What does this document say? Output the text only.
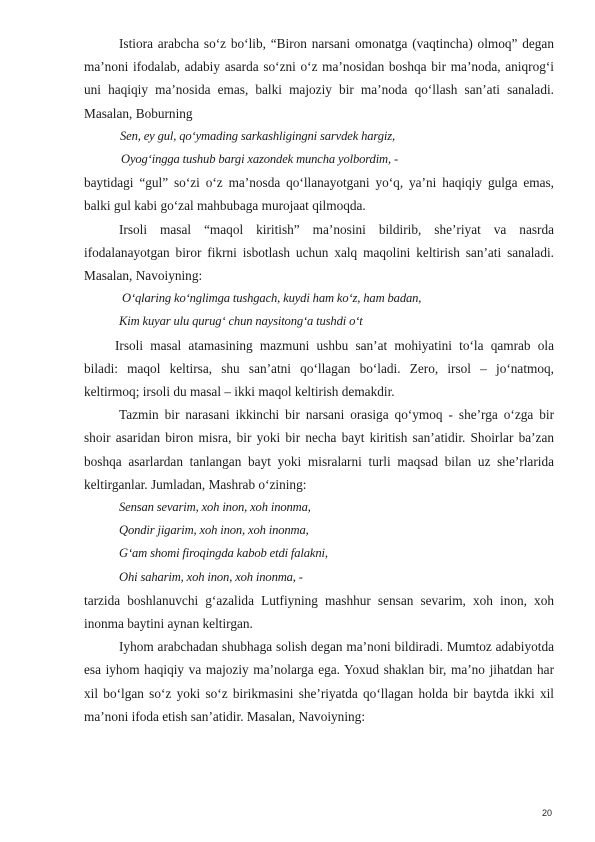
Istiora arabcha so‘z bo‘lib, “Biron narsani omonatga (vaqtincha) olmoq” degan ma’noni ifodalab, adabiy asarda so‘zni o‘z ma’nosidan boshqa bir ma’noda, aniqrog‘i uni haqiqiy ma’nosida emas, balki majoziy bir ma’noda qo‘llash san’ati sanaladi. Masalan, Boburning

Sen, ey gul, qo‘ymading sarkashligingni sarvdek hargiz,

Oyog‘ingga tushub bargi xazondek muncha yolbordim, -

baytidagi “gul” so‘zi o‘z ma’nosda qo‘llanayotgani yo‘q, ya’ni haqiqiy gulga emas, balki gul kabi go‘zal mahbubaga murojaat qilmoqda.

Irsoli masal “maqol kiritish” ma’nosini bildirib, she’riyat va nasrda ifodalanayotgan biror fikrni isbotlash uchun xalq maqolini keltirish san’ati sanaladi. Masalan, Navoiyning:

O‘qlaring ko‘nglimga tushgach, kuydi ham ko‘z, ham badan,

Kim kuyar ulu qurug‘ chun naysitong‘a tushdi o‘t

Irsoli masal atamasining mazmuni ushbu san’at mohiyatini to‘la qamrab ola biladi: maqol keltirsa, shu san’atni qo‘llagan bo‘ladi. Zero, irsol – jo‘natmoq, keltirmoq; irsoli du masal – ikki maqol keltirish demakdir.

Tazmin bir narasani ikkinchi bir narsani orasiga qo‘ymoq - she’rga o‘zga bir shoir asaridan biron misra, bir yoki bir necha bayt kiritish san’atidir. Shoirlar ba’zan boshqa asarlardan tanlangan bayt yoki misralarni turli maqsad bilan uz she’rlarida keltirganlar. Jumladan, Mashrab o‘zining:

Sensan sevarim, xoh inon, xoh inonma,

Qondir jigarim, xoh inon, xoh inonma,

G‘am shomi firoqingda kabob etdi falakni,

Ohi saharim, xoh inon, xoh inonma, -

tarzida boshlanuvchi g‘azalida Lutfiyning mashhur sensan sevarim, xoh inon, xoh inonma baytini aynan keltirgan.

Iyhom arabchadan shubhaga solish degan ma’noni bildiradi. Mumtoz adabiyotda esa iyhom haqiqiy va majoziy ma’nolarga ega. Yoxud shaklan bir, ma’no jihatdan har xil bo‘lgan so‘z yoki so‘z birikmasini she’riyatda qo‘llagan holda bir baytda ikki xil ma’noni ifoda etish san’atidir. Masalan, Navoiyning:

20
